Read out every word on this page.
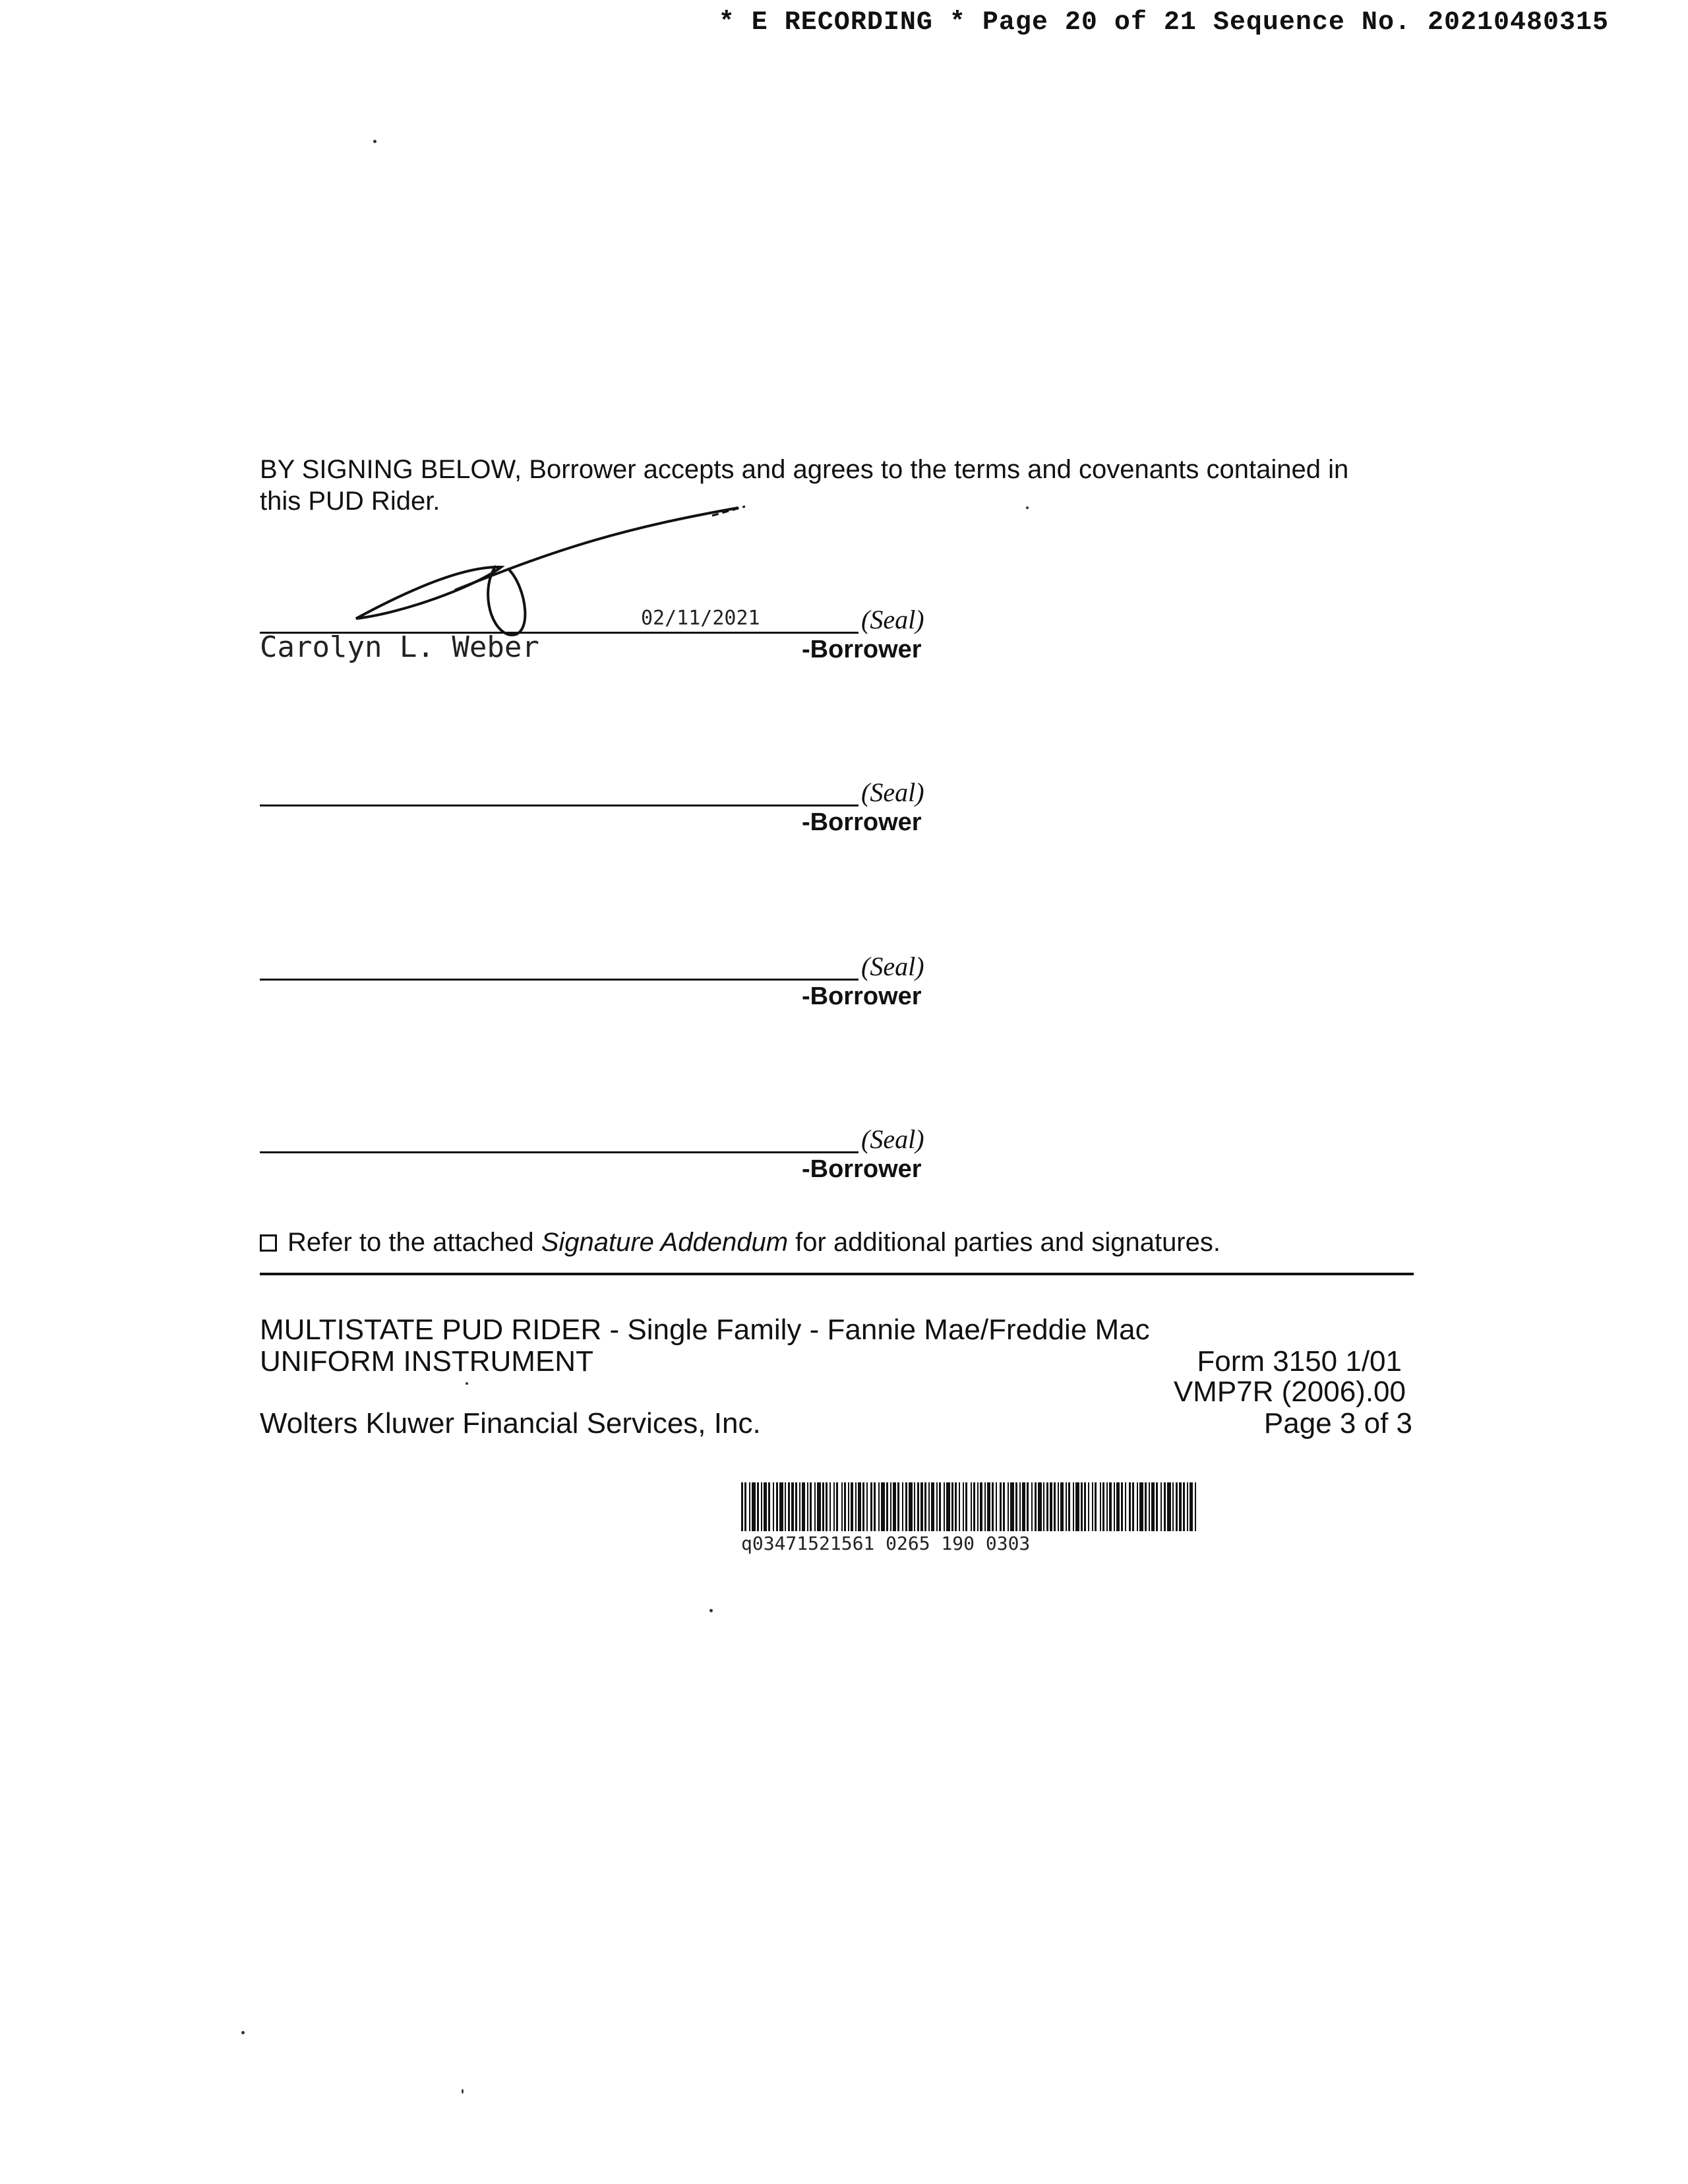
* E RECORDING * Page 20 of 21 Sequence No. 20210480315
BY SIGNING BELOW, Borrower accepts and agrees to the terms and covenants contained in this PUD Rider.
02/11/2021	(Seal)
Carolyn L. Weber	-Borrower
(Seal)
-Borrower
(Seal)
-Borrower
(Seal)
-Borrower
Refer to the attached Signature Addendum for additional parties and signatures.
MULTISTATE PUD RIDER - Single Family - Fannie Mae/Freddie Mac
UNIFORM INSTRUMENT	Form 3150 1/01
VMP7R (2006).00
Wolters Kluwer Financial Services, Inc.	Page 3 of 3
q03471521561 0265 190 0303
